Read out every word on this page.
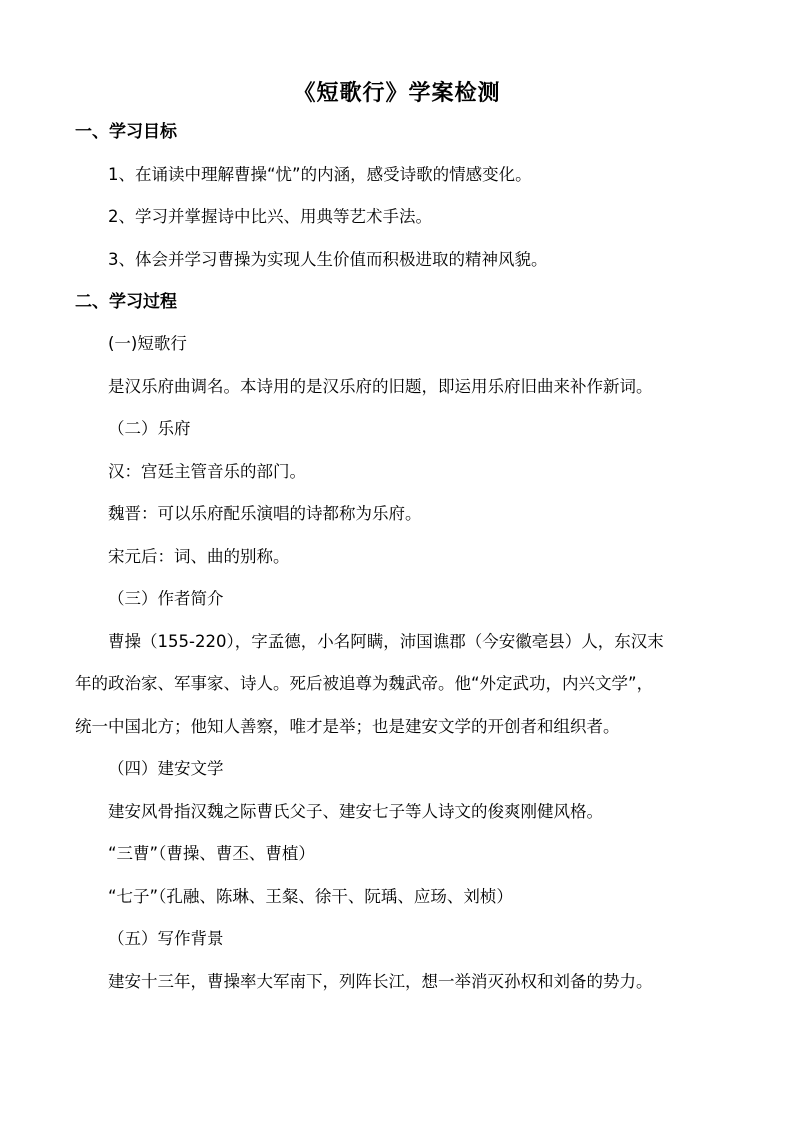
《短歌行》学案检测
一、学习目标
1、在诵读中理解曹操“忧”的内涵，感受诗歌的情感变化。
2、学习并掌握诗中比兴、用典等艺术手法。
3、体会并学习曹操为实现人生价值而积极进取的精神风貌。
二、学习过程
(一)短歌行
是汉乐府曲调名。本诗用的是汉乐府的旧题，即运用乐府旧曲来补作新词。
（二）乐府
汉：宫廷主管音乐的部门。
魏晋：可以乐府配乐演唱的诗都称为乐府。
宋元后：词、曲的别称。
（三）作者简介
曹操（155-220），字孟德，小名阿瞒，沛国谯郡（今安徽亳县）人，东汉末
年的政治家、军事家、诗人。死后被追尊为魏武帝。他“外定武功，内兴文学”，
统一中国北方；他知人善察，唯才是举；也是建安文学的开创者和组织者。
（四）建安文学
建安风骨指汉魏之际曹氏父子、建安七子等人诗文的俊爽刚健风格。
“三曹”（曹操、曹丕、曹植）
“七子”（孔融、陈琳、王粲、徐干、阮瑀、应玚、刘桢）
（五）写作背景
建安十三年，曹操率大军南下，列阵长江，想一举消灭孙权和刘备的势力。
